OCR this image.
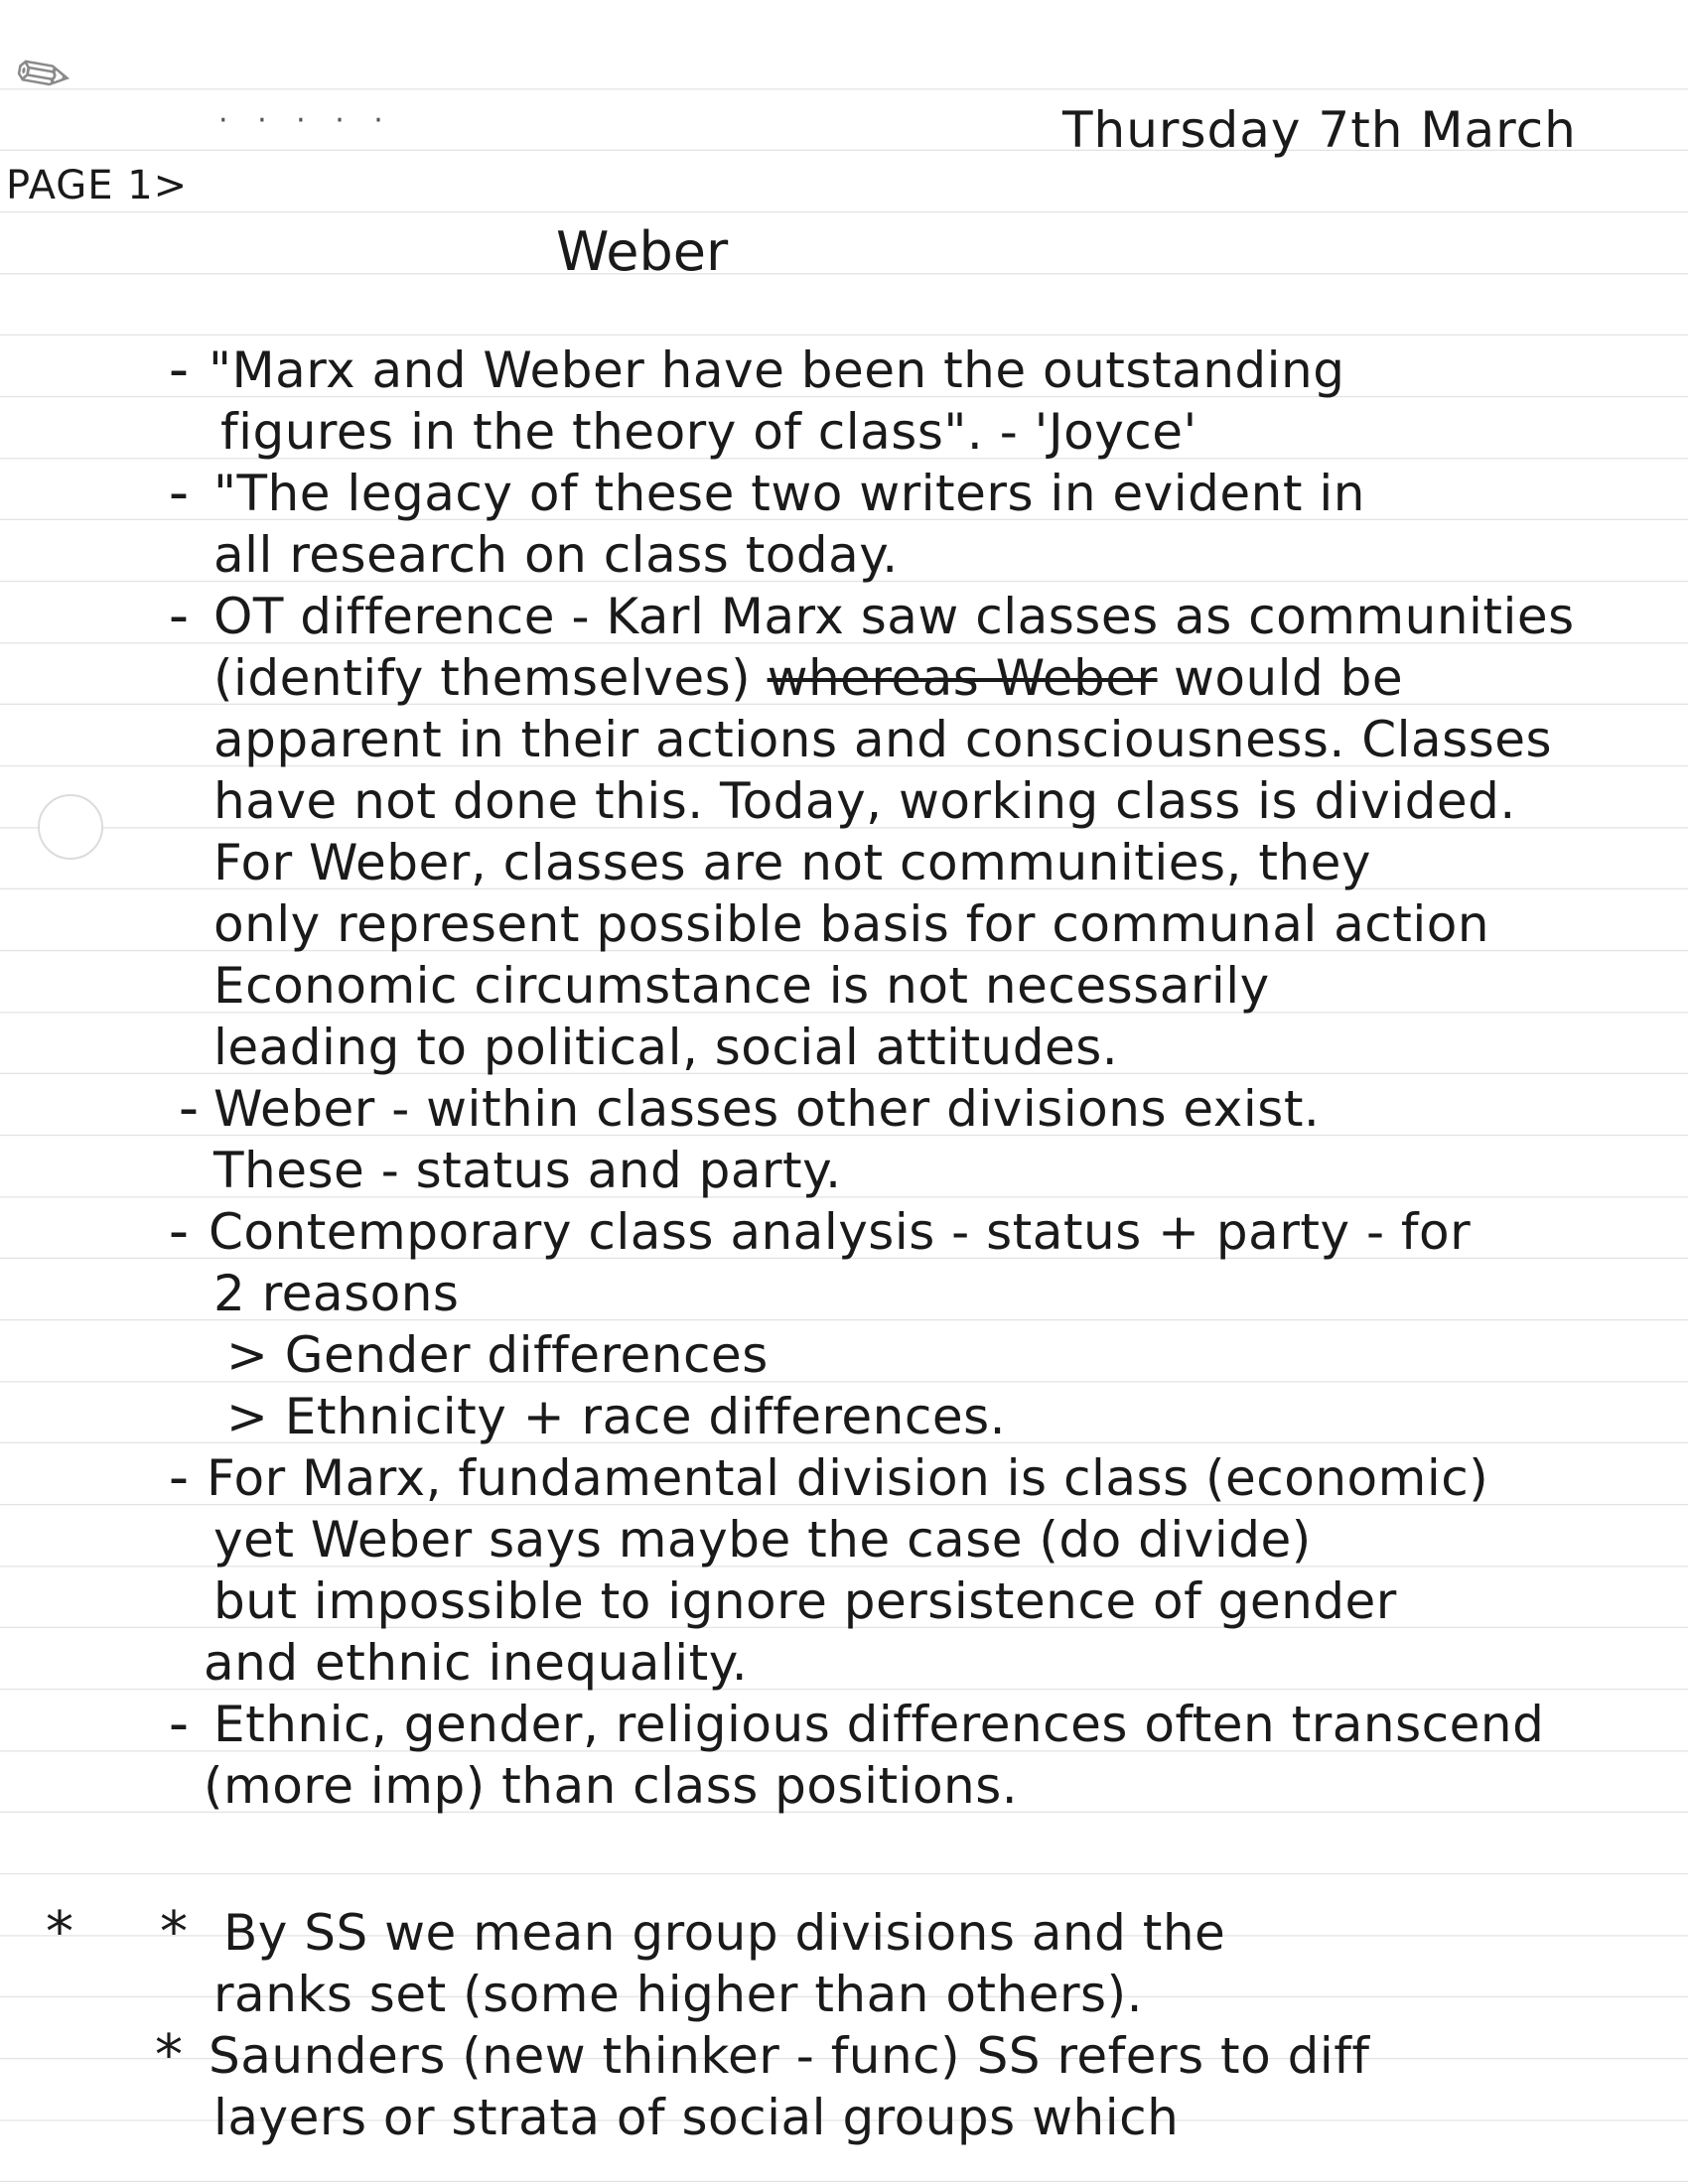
✎	· · · · ·	Thursday 7th March
PAGE 1>
Weber
- "Marx and Weber have been the outstanding
figures in the theory of class". - 'Joyce'
- "The legacy of these two writers in evident in
all research on class today.
- OT difference - Karl Marx saw classes as communities
(identify themselves) whereas Weber would be
apparent in their actions and consciousness. Classes
have not done this. Today, working class is divided.
For Weber, classes are not communities, they
only represent possible basis for communal action
Economic circumstance is not necessarily
leading to political, social attitudes.
- Weber - within classes other divisions exist.
These - status and party.
- Contemporary class analysis - status + party - for
2 reasons
> Gender differences
> Ethnicity + race differences.
- For Marx, fundamental division is class (economic)
yet Weber says maybe the case (do divide)
but impossible to ignore persistence of gender
and ethnic inequality.
- Ethnic, gender, religious differences often transcend
(more imp) than class positions.
* * By SS we mean group divisions and the
ranks set (some higher than others).
* Saunders (new thinker - func) SS refers to diff
layers or strata of social groups which
